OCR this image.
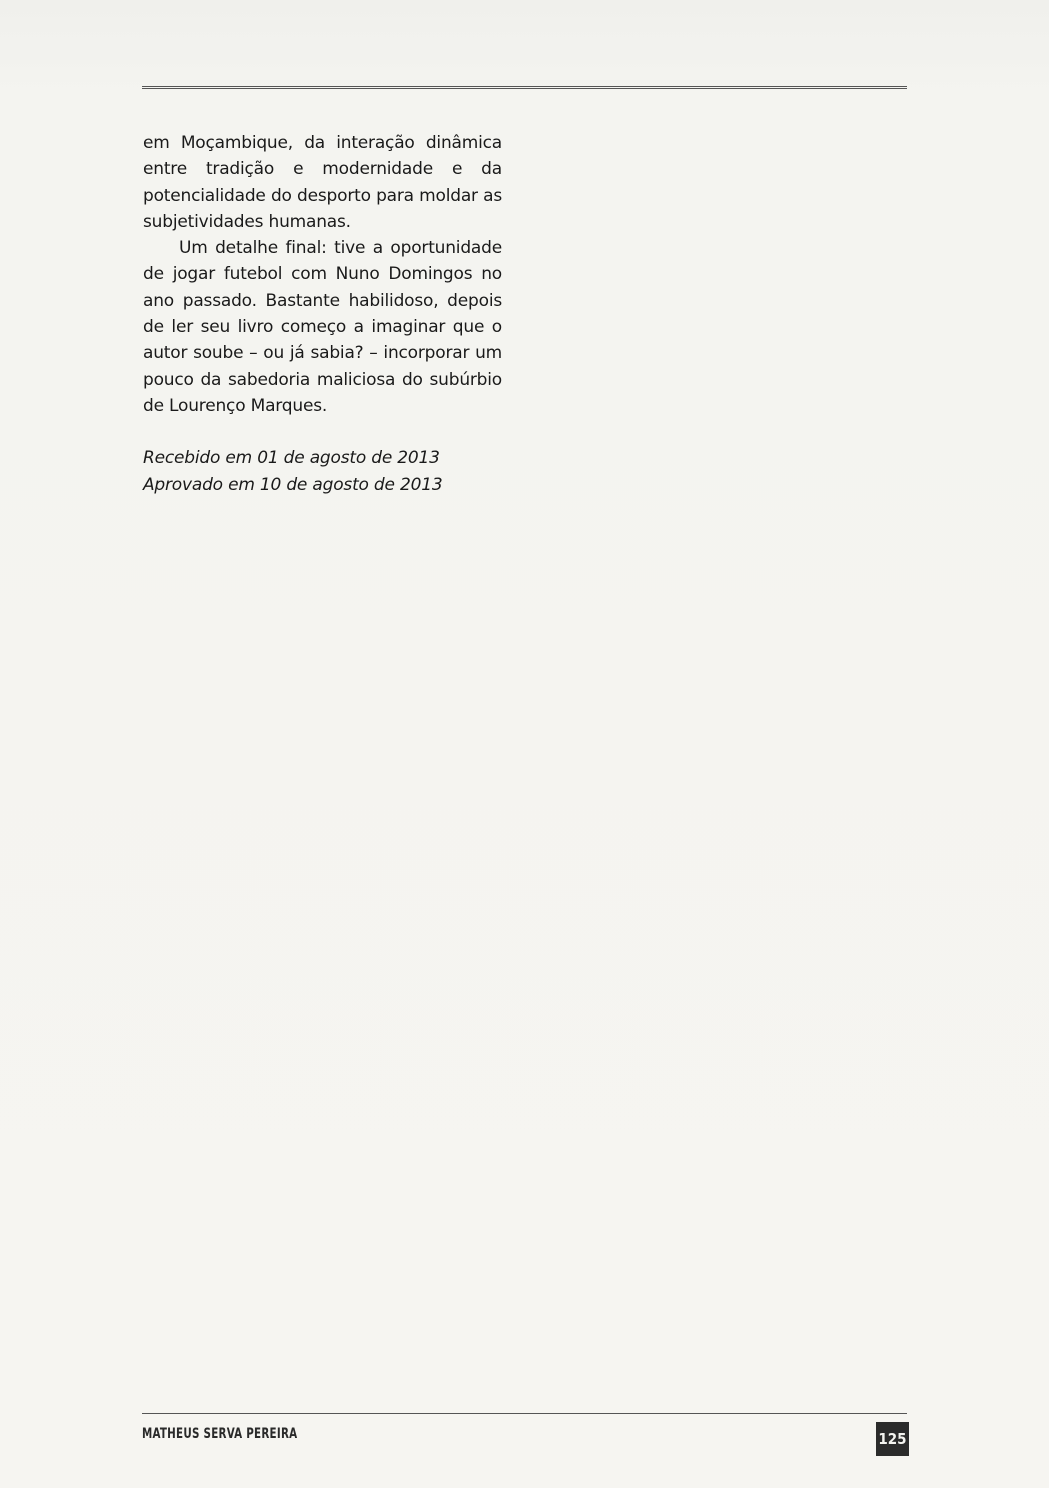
em Moçambique, da interação dinâmica entre tradição e modernidade e da potencialidade do desporto para moldar as subjetividades humanas.

Um detalhe final: tive a oportunidade de jogar futebol com Nuno Domingos no ano passado. Bastante habilidoso, depois de ler seu livro começo a imaginar que o autor soube – ou já sabia? – incorporar um pouco da sabedoria maliciosa do subúrbio de Lourenço Marques.

Recebido em 01 de agosto de 2013
Aprovado em 10 de agosto de 2013
MATHEUS SERVA PEREIRA	125
